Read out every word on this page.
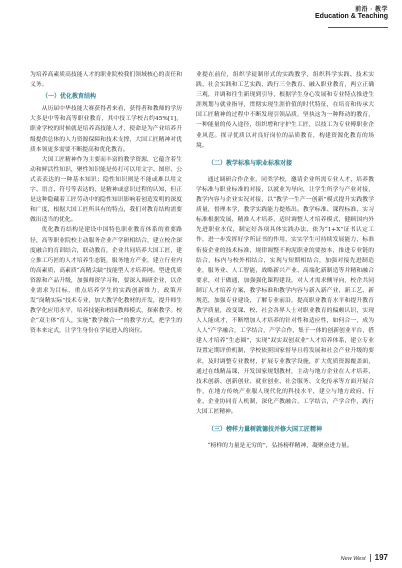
前沿 · 教学
Education & Teaching

为培养高素质高技能人才的职业院校我们领域核心的责任和义务。

（一）优化教育结构

从历届中华技能大赛获得者来看，获得者和教师的学历大多是中等和高等职业教育，其中技工学校占约45%[1]，职业学校的时候就是培养高技能人才，使命是为产业培养升级提供总体的人力资源保障和技术支撑，大国工匠精神对优质本领更多需要不断提高和优化教育。

大国工匠精神作为主要而丰富的教学资源，它蕴含着生动和鲜活性知识，聚性知识能是传打可以用文字、图形、公式表表达的一种基本知识；隐性知识则是不能或难以用文字、语言、符号等表达的，是精神或意识过程的认知，但正是这种隐藏着工匠劳动中的隐性知识影响着创造发明的深度和广度，根据大国工匠所具有的特点，我们对教育结构需要做出适当的优化。

优化教育结构是建设中国特色职业教育体系的重要路径，高等职业院校主动服务企业产学研相结合，建立校企深度融合的育训结合，联动教育，企业共同培养大国工匠，建立推工巧匠的人才培养生态链，服务地方产业，建立行业内的高素质，高素质“高精尖缺”技能型人才培养网。型进优质资源和产品升级，加强师资学习和，要深入调研企业，以企业需求为目标，重点培养学生的实践创新维力，政策开发“岗精实际”技术专业，加大教学化教材的开发，提升师生教学化应用水平，培养技能和校园教师模式，探索教学。校企“双主体”育人，实施“教学做合一”的教学方式，把学生的资本来定式，让学生身份在学徒进入的岗位。

业提在前位，组织学徒制形式的实践教学，组织科学实践、技术实践、社会实践和工艺实践，践行三全教育、融入职业教育，两立正确三观，并调和往生新现到引导，根据学生身心发展和专业特点推进生涯规划与就业指导，贯彻实现生涯价值的时代特征，在培育和传承大国工匠精神的过程中不断发现引领品质，坚执这为一种释动的教育，一种能量的传入途径，组织增和守护生工匠，以技工为专业傅职业企业风范。探寻优质以对良好岗位的品质教育，构建资源化教育的场境。

（二）教学标准与职业标准对接

通过调研合作企业，同类学校，邀请企业所需专业人才，培养教学标准与职业标准的对接，以就业为导向，让学生所学与产业对接，教学内容与企业实况对接，以“教学一生产一创新”模式提升实践教学质量，督理本学，教学实践能力提炼出。教学标准、课程标准、实习标准根据发展，精准人才培养，适时调整人才培养模式，健顾国内外先进职业水仪，制定好各项具体实践办法，依为“1+X”证书认定工作，进一步发挥好学所证书的作用，实实学生可持续发展能力，标准衔接企业的技术标准，规律调整不拘泥职业的要按本，推进专业链的结合，标内与校外相结合，实现与短期相结合，加强对接先进制造业，服务业、人工智能，战略新兴产业、高端化新制造等并精和融合要求，对于做通，加强强化课程建设，对人才需求侧导向，校企共同制订人才培养方案，教学标准和教学内容与新入新产业、新工艺、新规范，加强专业建设，了解专业前沿，提高职业教育水平和提升教育教学质量，改变课、校、社会各界人士对职业教育的偏颇认识，实现人人能成才，不断增加人才培养的针对性和适应性，如何合一，成为人人“产学融合，工学结合，产学合作，集于一体的创新创业平台，搭建人才培养“生态圈”，实现“双实双创双业”人才培养体系，建立专业设置定期评价机制，学校依照国家督导且将发展和社会产业升级的要求，及时调整专业教材，扩展专业教学设施，扩大优质资源覆盖面，通过在线精品课，开发国家规划教材，主动与地方企业在人才培养、技术创新、创新创业、就业创业、社会服务、文化传承等方面开展合作，在地方传统产业服人现代化的科技水平，建立与地方政府、行业、企业协同育人机制，深化产教融合、工学结合，产学合作，践行大国工匠精神。

（三）榜样力量树就德技并修大国工匠精神

“榜样的力量是无穷的”，弘扬榜样精神，凝聚奋进力量。

New West 197
